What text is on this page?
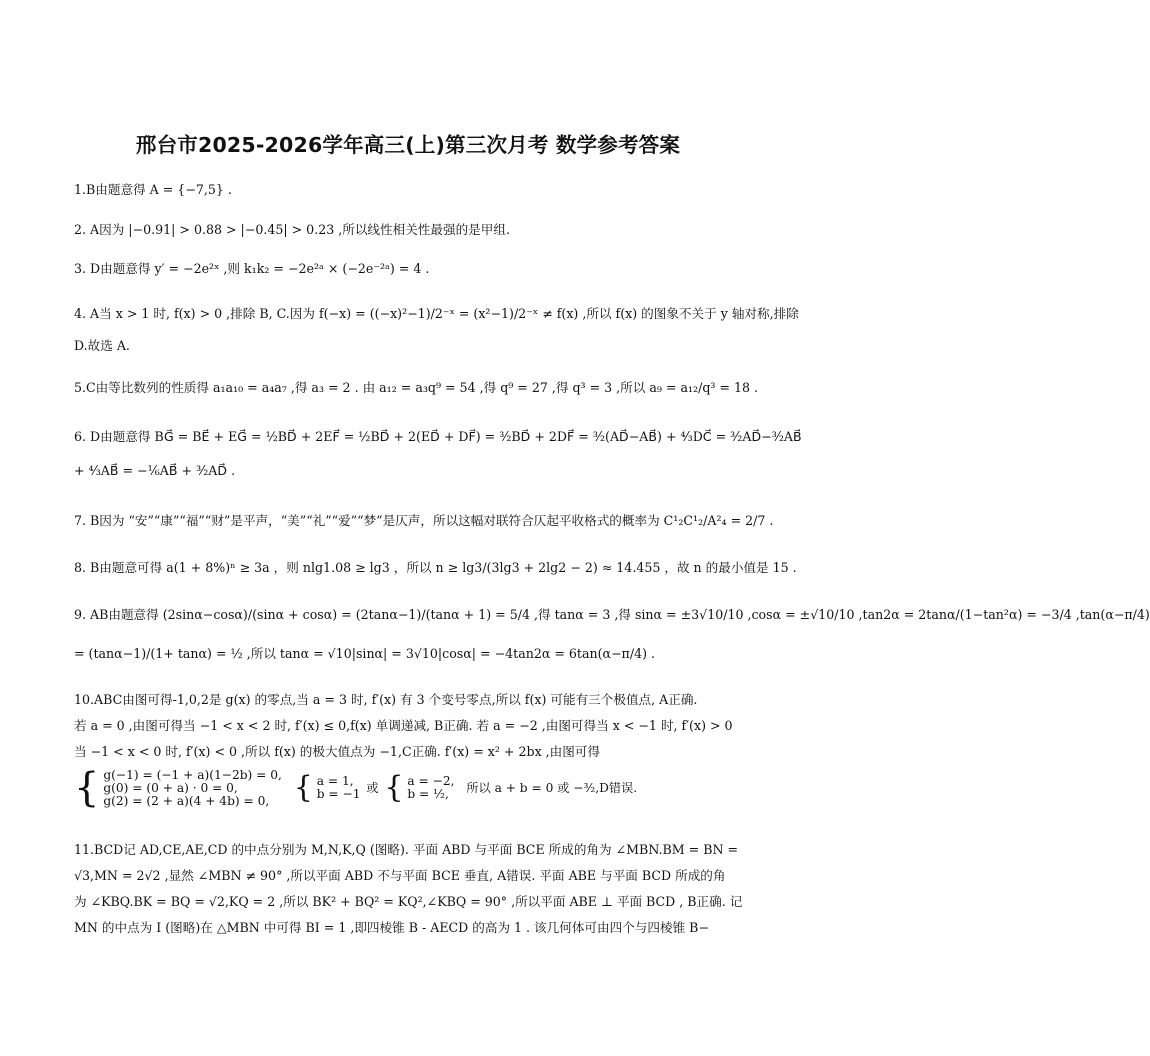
邢台市2025-2026学年高三(上)第三次月考 数学参考答案
1.B由题意得 A = {−7,5} .
2. A因为 |−0.91| > 0.88 > |−0.45| > 0.23 ,所以线性相关性最强的是甲组.
3. D由题意得 y′ = −2e²ˣ ,则 k₁k₂ = −2e²ᵃ × (−2e⁻²ᵃ) = 4 .
4. A当 x > 1 时, f(x) > 0 ,排除 B, C.因为 f(−x) = ((−x)²−1)/2⁻ˣ = (x²−1)/2⁻ˣ ≠ f(x) ,所以 f(x) 的图象不关于 y 轴对称,排除
D.故选 A.
5.C由等比数列的性质得 a₁a₁₀ = a₄a₇ ,得 a₃ = 2 . 由 a₁₂ = a₃q⁹ = 54 ,得 q⁹ = 27 ,得 q³ = 3 ,所以 a₉ = a₁₂/q³ = 18 .
6. D由题意得 BG⃗ = BE⃗ + EG⃗ = ½BD⃗ + 2EF⃗ = ½BD⃗ + 2(ED⃗ + DF⃗) = ³⁄₂BD⃗ + 2DF⃗ = ³⁄₂(AD⃗−AB⃗) + ⁴⁄₃DC⃗ = ³⁄₂AD⃗−³⁄₂AB⃗
+ ⁴⁄₃AB⃗ = −⅙AB⃗ + ³⁄₂AD⃗ .
7. B因为 “安”“康”“福”“财”是平声，“美”“礼”“爱”“梦”是仄声，所以这幅对联符合仄起平收格式的概率为 C¹₂C¹₂/A²₄ = 2/7 .
8. B由题意可得 a(1 + 8%)ⁿ ≥ 3a ，则 nlg1.08 ≥ lg3 ，所以 n ≥ lg3/(3lg3 + 2lg2 − 2) ≈ 14.455 ，故 n 的最小值是 15 .
9. AB由题意得 (2sinα−cosα)/(sinα + cosα) = (2tanα−1)/(tanα + 1) = 5/4 ,得 tanα = 3 ,得 sinα = ±3√10/10 ,cosα = ±√10/10 ,tan2α = 2tanα/(1−tan²α) = −3/4 ,tan(α−π/4)
= (tanα−1)/(1+ tanα) = ½ ,所以 tanα = √10|sinα| = 3√10|cosα| = −4tan2α = 6tan(α−π/4) .
10.ABC由图可得-1,0,2是 g(x) 的零点,当 a = 3 时, f′(x) 有 3 个变号零点,所以 f(x) 可能有三个极值点, A正确.
若 a = 0 ,由图可得当 −1 < x < 2 时, f′(x) ≤ 0,f(x) 单调递减, B正确. 若 a = −2 ,由图可得当 x < −1 时, f′(x) > 0
当 −1 < x < 0 时, f′(x) < 0 ,所以 f(x) 的极大值点为 −1,C正确. f′(x) = x² + 2bx ,由图可得
{ g(−1) = (−1 + a)(1−2b) = 0,
g(0) = (0 + a) · 0 = 0,
g(2) = (2 + a)(4 + 4b) = 0, { a = 1,
b = −1 或 { a = −2,
b = ½,	所以 a + b = 0 或 −³⁄₂,D错误.
11.BCD记 AD,CE,AE,CD 的中点分别为 M,N,K,Q (图略). 平面 ABD 与平面 BCE 所成的角为 ∠MBN.BM = BN =
√3,MN = 2√2 ,显然 ∠MBN ≠ 90° ,所以平面 ABD 不与平面 BCE 垂直, A错误. 平面 ABE 与平面 BCD 所成的角
为 ∠KBQ.BK = BQ = √2,KQ = 2 ,所以 BK² + BQ² = KQ²,∠KBQ = 90° ,所以平面 ABE ⊥ 平面 BCD , B正确. 记
MN 的中点为 I (图略)在 △MBN 中可得 BI = 1 ,即四棱锥 B - AECD 的高为 1 . 该几何体可由四个与四棱锥 B−
